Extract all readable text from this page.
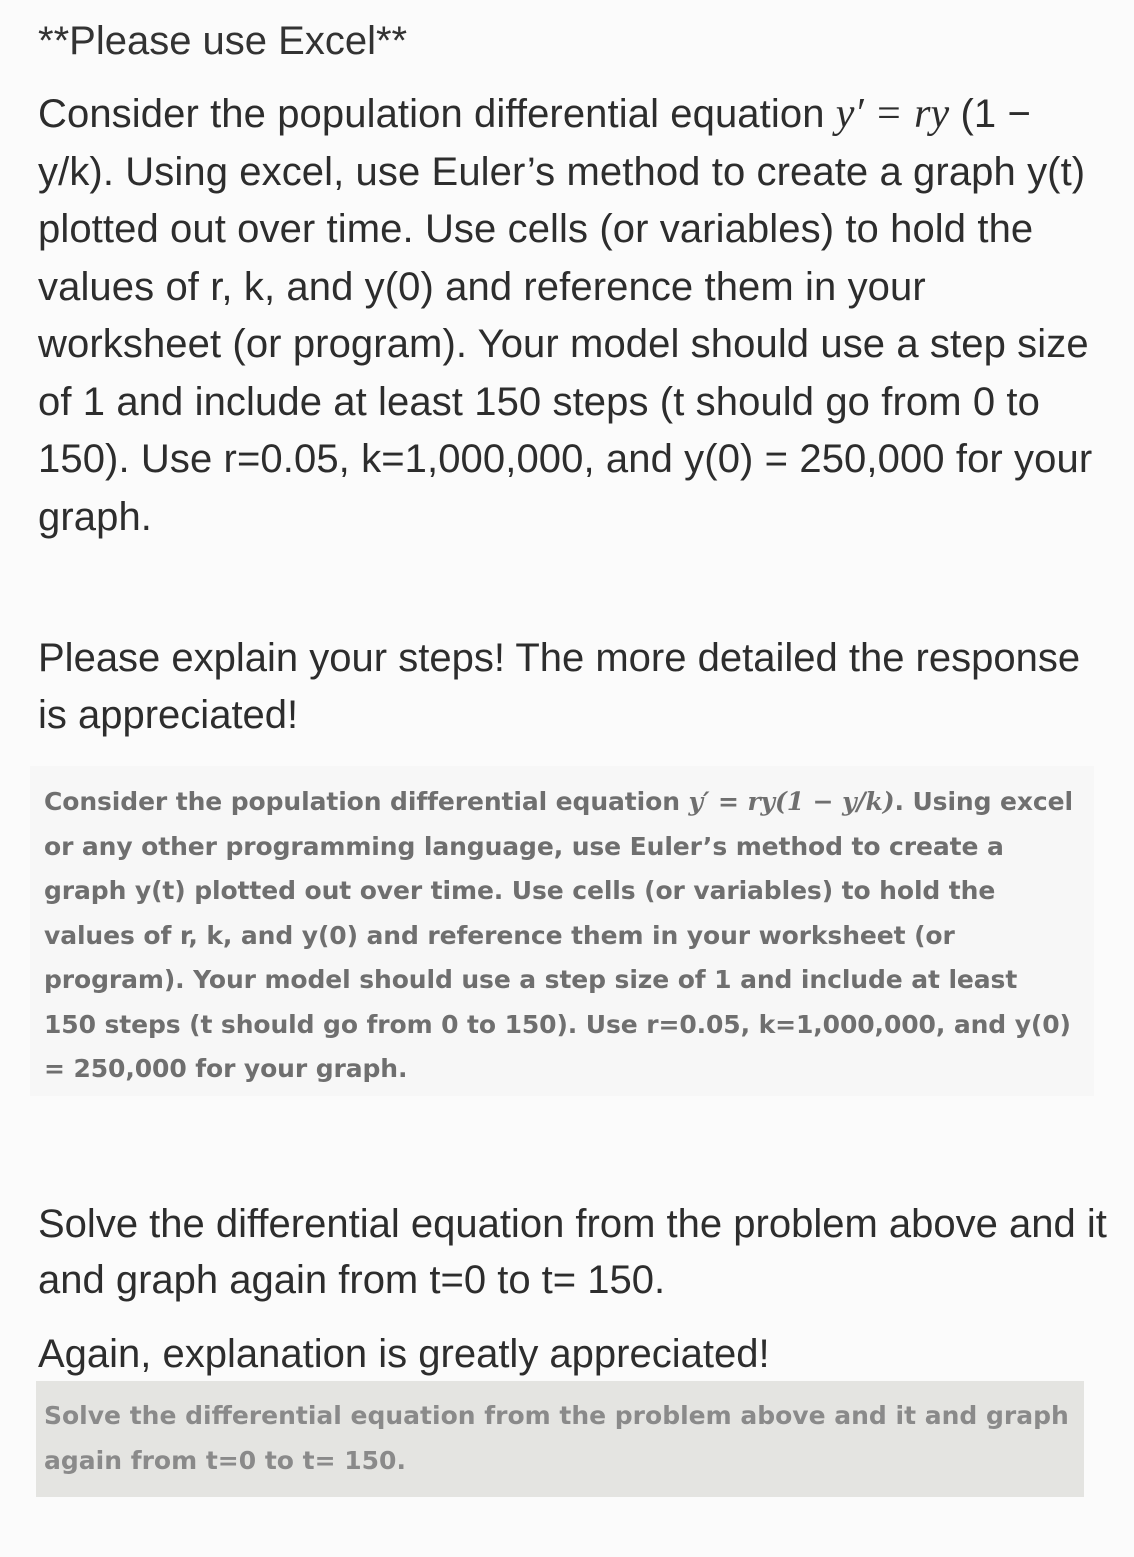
**Please use Excel**

Consider the population differential equation y′ = ry (1 − y/k). Using excel, use Euler’s method to create a graph y(t) plotted out over time. Use cells (or variables) to hold the values of r, k, and y(0) and reference them in your worksheet (or program). Your model should use a step size of 1 and include at least 150 steps (t should go from 0 to 150). Use r=0.05, k=1,000,000, and y(0) = 250,000 for your graph.

Please explain your steps! The more detailed the response is appreciated!

Consider the population differential equation y′ = ry(1 − y/k). Using excel or any other programming language, use Euler’s method to create a graph y(t) plotted out over time. Use cells (or variables) to hold the values of r, k, and y(0) and reference them in your worksheet (or program). Your model should use a step size of 1 and include at least 150 steps (t should go from 0 to 150). Use r=0.05, k=1,000,000, and y(0) = 250,000 for your graph.

Solve the differential equation from the problem above and it and graph again from t=0 to t= 150.

Again, explanation is greatly appreciated!

Solve the differential equation from the problem above and it and graph again from t=0 to t= 150.
